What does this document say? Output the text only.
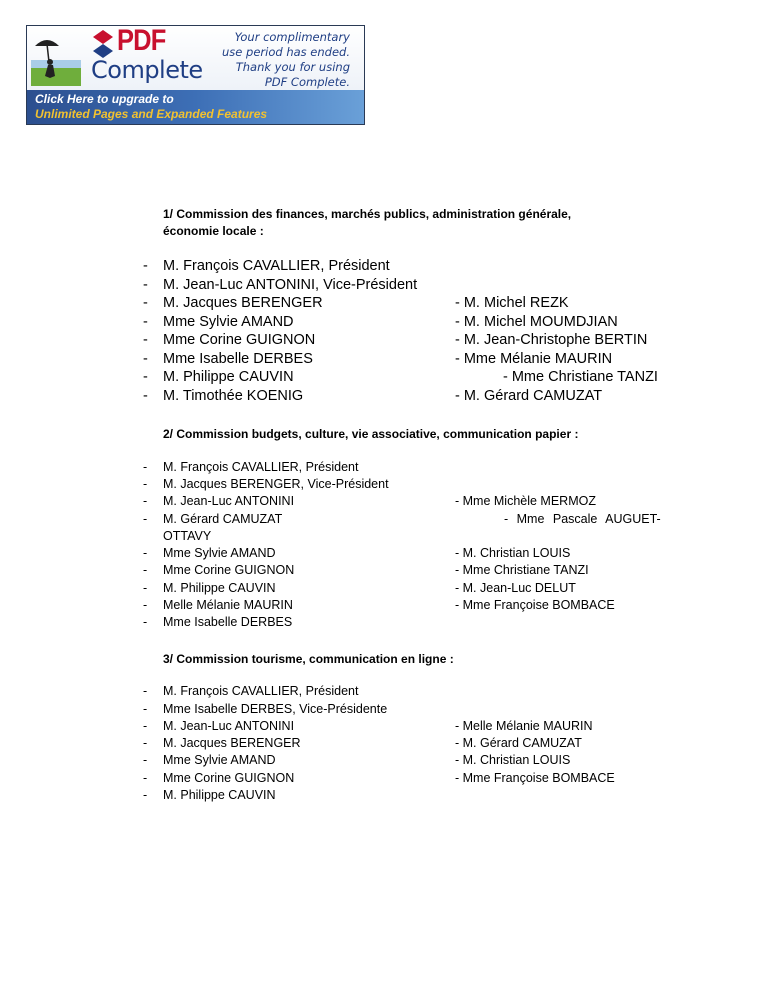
PDF
Complete
Your complimentary
use period has ended.
Thank you for using
PDF Complete.
Click Here to upgrade to
Unlimited Pages and Expanded Features
1/ Commission des finances, marchés publics, administration générale,
économie locale :
- M. François CAVALLIER, Président
- M. Jean-Luc ANTONINI, Vice-Président
- M. Jacques BERENGER
- Mme Sylvie AMAND
- Mme Corine GUIGNON
- Mme Isabelle DERBES
- M. Philippe CAUVIN
- M. Timothée KOENIG
- M. Michel REZK
- M. Michel MOUMDJIAN
- M. Jean-Christophe BERTIN
- Mme Mélanie MAURIN
- Mme Christiane TANZI
- M. Gérard CAMUZAT
2/ Commission budgets, culture, vie associative, communication papier :
- M. François CAVALLIER, Président
- M. Jacques BERENGER, Vice-Président
- M. Jean-Luc ANTONINI
- M. Gérard CAMUZAT
OTTAVY
- Mme Sylvie AMAND
- Mme Corine GUIGNON
- M. Philippe CAUVIN
- Melle Mélanie MAURIN
- Mme Isabelle DERBES
- Mme Michèle MERMOZ
- Mme Pascale AUGUET-
- M. Christian LOUIS
- Mme Christiane TANZI
- M. Jean-Luc DELUT
- Mme Françoise BOMBACE
3/ Commission tourisme, communication en ligne :
- M. François CAVALLIER, Président
- Mme Isabelle DERBES, Vice-Présidente
- M. Jean-Luc ANTONINI
- M. Jacques BERENGER
- Mme Sylvie AMAND
- Mme Corine GUIGNON
- M. Philippe CAUVIN
- Melle Mélanie MAURIN
- M. Gérard CAMUZAT
- M. Christian LOUIS
- Mme Françoise BOMBACE
